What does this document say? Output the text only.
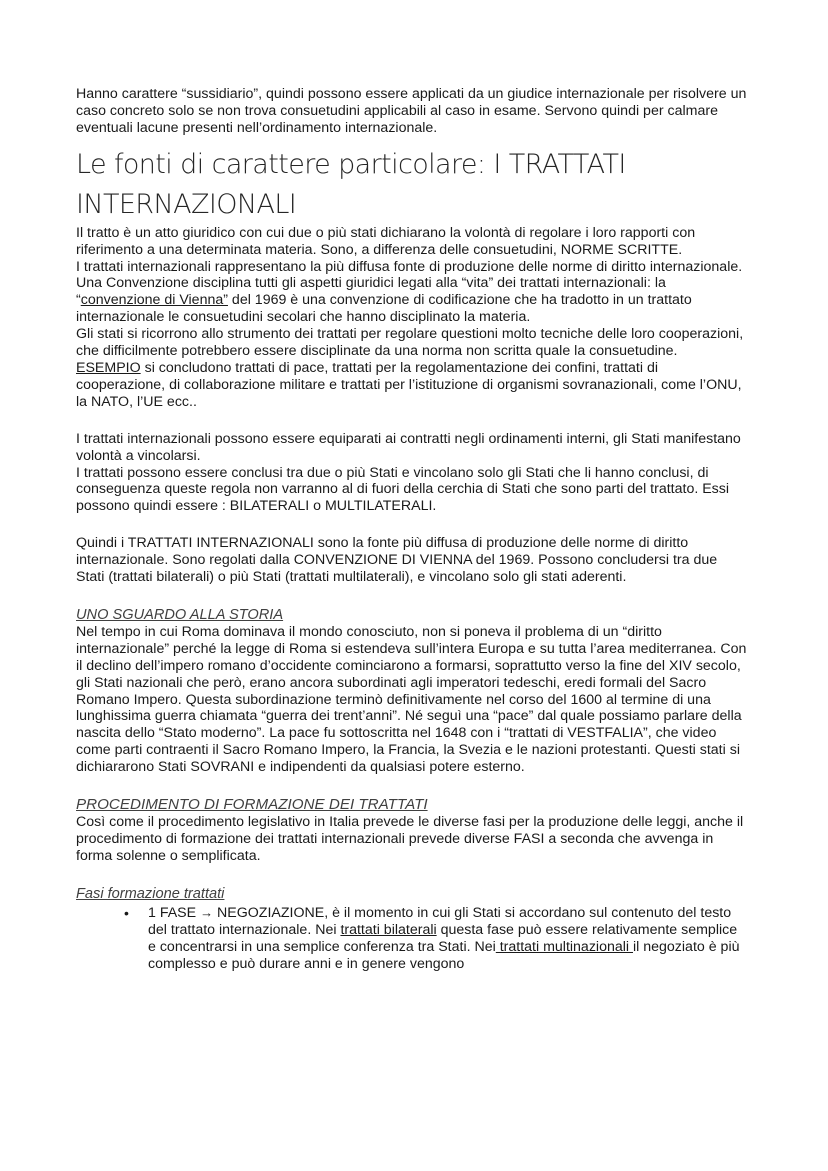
Hanno carattere “sussidiario”, quindi possono essere applicati da un giudice internazionale per risolvere un caso concreto solo se non trova consuetudini applicabili al caso in esame. Servono quindi per calmare eventuali lacune presenti nell’ordinamento internazionale.

Le fonti di carattere particolare: I TRATTATI INTERNAZIONALI

Il tratto è un atto giuridico con cui due o più stati dichiarano la volontà di regolare i loro rapporti con riferimento a una determinata materia. Sono, a differenza delle consuetudini, NORME SCRITTE.

I trattati internazionali rappresentano la più diffusa fonte di produzione delle norme di diritto internazionale.

Una Convenzione disciplina tutti gli aspetti giuridici legati alla “vita” dei trattati internazionali: la “convenzione di Vienna” del 1969 è una convenzione di codificazione che ha tradotto in un trattato internazionale le consuetudini secolari che hanno disciplinato la materia.

Gli stati si ricorrono allo strumento dei trattati per regolare questioni molto tecniche delle loro cooperazioni, che difficilmente potrebbero essere disciplinate da una norma non scritta quale la consuetudine.

ESEMPIO si concludono trattati di pace, trattati per la regolamentazione dei confini, trattati di cooperazione, di collaborazione militare e trattati per l’istituzione di organismi sovranazionali, come l’ONU, la NATO, l’UE ecc..

I trattati internazionali possono essere equiparati ai contratti negli ordinamenti interni, gli Stati manifestano volontà a vincolarsi.

I trattati possono essere conclusi tra due o più Stati e vincolano solo gli Stati che li hanno conclusi, di conseguenza queste regola non varranno al di fuori della cerchia di Stati che sono parti del trattato. Essi possono quindi essere : BILATERALI o MULTILATERALI.

Quindi i TRATTATI INTERNAZIONALI sono la fonte più diffusa di produzione delle norme di diritto internazionale. Sono regolati dalla CONVENZIONE DI VIENNA del 1969. Possono concludersi tra due Stati (trattati bilaterali) o più Stati (trattati multilaterali), e vincolano solo gli stati aderenti.

UNO SGUARDO ALLA STORIA

Nel tempo in cui Roma dominava il mondo conosciuto, non si poneva il problema di un “diritto internazionale” perché la legge di Roma si estendeva sull’intera Europa e su tutta l’area mediterranea. Con il declino dell’impero romano d’occidente cominciarono a formarsi, soprattutto verso la fine del XIV secolo, gli Stati nazionali che però, erano ancora subordinati agli imperatori tedeschi, eredi formali del Sacro Romano Impero. Questa subordinazione terminò definitivamente nel corso del 1600 al termine di una lunghissima guerra chiamata “guerra dei trent’anni”. Né seguì una “pace” dal quale possiamo parlare della nascita dello “Stato moderno”. La pace fu sottoscritta nel 1648 con i “trattati di VESTFALIA”, che video come parti contraenti il Sacro Romano Impero, la Francia, la Svezia e le nazioni protestanti. Questi stati si dichiararono Stati SOVRANI e indipendenti da qualsiasi potere esterno.

PROCEDIMENTO DI FORMAZIONE DEI TRATTATI

Così come il procedimento legislativo in Italia prevede le diverse fasi per la produzione delle leggi, anche il procedimento di formazione dei trattati internazionali prevede diverse FASI a seconda che avvenga in forma solenne o semplificata.

Fasi formazione trattati

• 1 FASE → NEGOZIAZIONE, è il momento in cui gli Stati si accordano sul contenuto del testo del trattato internazionale. Nei trattati bilaterali questa fase può essere relativamente semplice e concentrarsi in una semplice conferenza tra Stati. Nei trattati multinazionali il negoziato è più complesso e può durare anni e in genere vengono
